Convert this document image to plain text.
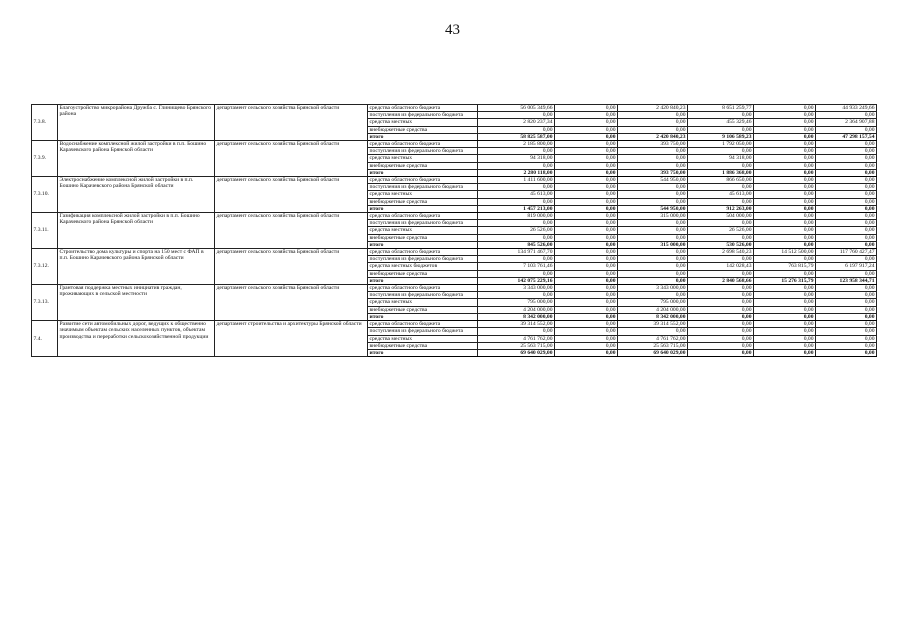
43
7.3.8.	Благоустройство микрорайона Дружба с. Глинищево Брянского района	департамент сельского хозяйства Брянской области	средства областного бюджета	56 005 349,66	0,00	2 420 840,23	8 651 259,77	0,00	44 933 249,66
			поступления из федерального бюджета	0,00	0,00	0,00	0,00	0,00	0,00
			средства местных	2 820 237,34	0,00	0,00	455 329,46	0,00	2 364 907,88
			внебюджетные средства	0,00	0,00	0,00	0,00	0,00	0,00
			итого	58 825 587,00	0,00	2 420 840,23	9 106 589,23	0,00	47 298 157,54
7.3.9.	Водоснабжение комплексной жилой застройки в п.п. Бошино Карачевского района Брянской области	департамент сельского хозяйства Брянской области	средства областного бюджета	2 185 800,00	0,00	393 750,00	1 792 050,00	0,00	0,00
			поступления из федерального бюджета	0,00	0,00	0,00	0,00	0,00	0,00
			средства местных	94 318,00	0,00	0,00	94 318,00	0,00	0,00
			внебюджетные средства	0,00	0,00	0,00	0,00	0,00	0,00
			итого	2 280 118,00	0,00	393 750,00	1 886 368,00	0,00	0,00
7.3.10.	Электроснабжение комплексной жилой застройки в п.п. Бошино Карачевского района Брянской области	департамент сельского хозяйства Брянской области	средства областного бюджета	1 411 600,00	0,00	544 950,00	866 650,00	0,00	0,00
			поступления из федерального бюджета	0,00	0,00	0,00	0,00	0,00	0,00
			средства местных	45 613,00	0,00	0,00	45 613,00	0,00	0,00
			внебюджетные средства	0,00	0,00	0,00	0,00	0,00	0,00
			итого	1 457 213,00	0,00	544 950,00	912 263,00	0,00	0,00
7.3.11.	Газификация комплексной жилой застройки в п.п. Бошино Карачевского района Брянской области	департамент сельского хозяйства Брянской области	средства областного бюджета	819 000,00	0,00	315 000,00	504 000,00	0,00	0,00
			поступления из федерального бюджета	0,00	0,00	0,00	0,00	0,00	0,00
			средства местных	26 526,00	0,00	0,00	26 526,00	0,00	0,00
			внебюджетные средства	0,00	0,00	0,00	0,00	0,00	0,00
			итого	845 526,00	0,00	315 000,00	530 526,00	0,00	0,00
7.3.12.	Строительство дома культуры и спорта на 150 мест с ФАП в п.п. Бошино Карачевского района Брянской области	департамент сельского хозяйства Брянской области	средства областного бюджета	134 971 467,70	0,00	0,00	2 698 540,23	14 512 500,00	117 760 427,47
			поступления из федерального бюджета	0,00	0,00	0,00	0,00	0,00	0,00
			средства местных бюджетов	7 103 761,46	0,00	0,00	142 028,43	763 815,79	6 197 917,24
			внебюджетные средства	0,00	0,00	0,00	0,00	0,00	0,00
			итого	142 075 229,16	0,00	0,00	2 840 568,66	15 276 315,79	123 958 344,71
7.3.13.	Грантовая поддержка местных инициатив граждан, проживающих в сельской местности	департамент сельского хозяйства Брянской области	средства областного бюджета	3 343 000,00	0,00	3 343 000,00	0,00	0,00	0,00
			поступления из федерального бюджета	0,00	0,00	0,00	0,00	0,00	0,00
			средства местных	795 000,00	0,00	795 000,00	0,00	0,00	0,00
			внебюджетные средства	4 204 000,00	0,00	4 204 000,00	0,00	0,00	0,00
			итого	8 342 000,00	0,00	8 342 000,00	0,00	0,00	0,00
7.4.	Развитие сети автомобильных дорог, ведущих к общественно значимым объектам сельских населенных пунктов, объектам производства и переработки сельскохозяйственной продукции	департамент строительства и архитектуры Брянской области	средства областного бюджета	39 314 552,00	0,00	39 314 552,00	0,00	0,00	0,00
			поступления из федерального бюджета	0,00	0,00	0,00	0,00	0,00	0,00
			средства местных	4 761 762,00	0,00	4 761 762,00	0,00	0,00	0,00
			внебюджетные средства	25 563 715,00	0,00	25 563 715,00	0,00	0,00	0,00
			итого	69 640 029,00	0,00	69 640 029,00	0,00	0,00	0,00
